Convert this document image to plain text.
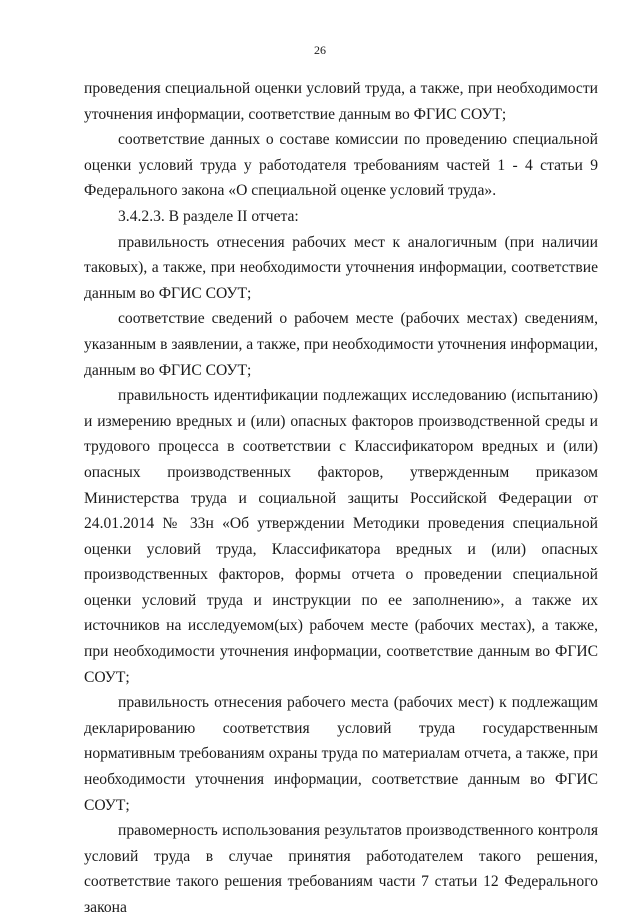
26

проведения специальной оценки условий труда, а также, при необходимости уточнения информации, соответствие данным во ФГИС СОУТ;

соответствие данных о составе комиссии по проведению специальной оценки условий труда у работодателя требованиям частей 1 - 4 статьи 9 Федерального закона «О специальной оценке условий труда».

3.4.2.3. В разделе II отчета:

правильность отнесения рабочих мест к аналогичным (при наличии таковых), а также, при необходимости уточнения информации, соответствие данным во ФГИС СОУТ;

соответствие сведений о рабочем месте (рабочих местах) сведениям, указанным в заявлении, а также, при необходимости уточнения информации, данным во ФГИС СОУТ;

правильность идентификации подлежащих исследованию (испытанию) и измерению вредных и (или) опасных факторов производственной среды и трудового процесса в соответствии с Классификатором вредных и (или) опасных производственных факторов, утвержденным приказом Министерства труда и социальной защиты Российской Федерации от 24.01.2014 № 33н «Об утверждении Методики проведения специальной оценки условий труда, Классификатора вредных и (или) опасных производственных факторов, формы отчета о проведении специальной оценки условий труда и инструкции по ее заполнению», а также их источников на исследуемом(ых) рабочем месте (рабочих местах), а также, при необходимости уточнения информации, соответствие данным во ФГИС СОУТ;

правильность отнесения рабочего места (рабочих мест) к подлежащим декларированию соответствия условий труда государственным нормативным требованиям охраны труда по материалам отчета, а также, при необходимости уточнения информации, соответствие данным во ФГИС СОУТ;

правомерность использования результатов производственного контроля условий труда в случае принятия работодателем такого решения, соответствие такого решения требованиям части 7 статьи 12 Федерального закона
